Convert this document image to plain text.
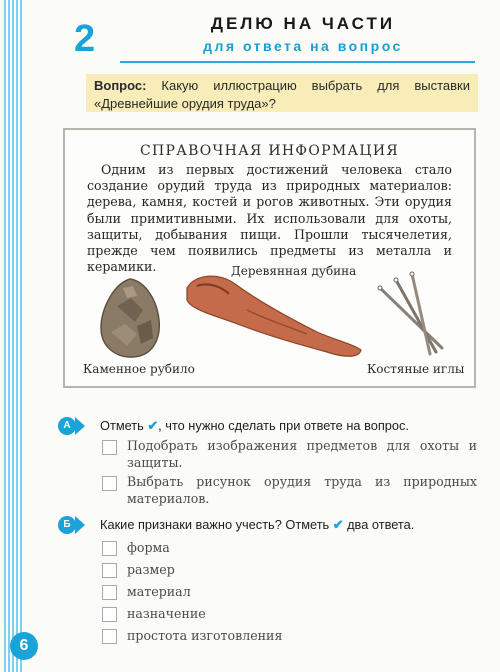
2	ДЕЛЮ НА ЧАСТИ
для ответа на вопрос
Вопрос: Какую иллюстрацию выбрать для выставки «Древнейшие орудия труда»?
СПРАВОЧНАЯ ИНФОРМАЦИЯ
Одним из первых достижений человека стало создание орудий труда из природных материалов: дерева, камня, костей и рогов животных. Эти орудия были примитивными. Их использовали для охоты, защиты, добывания пищи. Прошли тысячелетия, прежде чем появились предметы из металла и керамики.	Деревянная дубина
Каменное рубило	Костяные иглы
А	Отметь ✔, что нужно сделать при ответе на вопрос.
Подобрать изображения предметов для охоты и защиты.
Выбрать рисунок орудия труда из природных материалов.
Б	Какие признаки важно учесть? Отметь ✔ два ответа.
форма
размер
материал
назначение
простота изготовления
6
